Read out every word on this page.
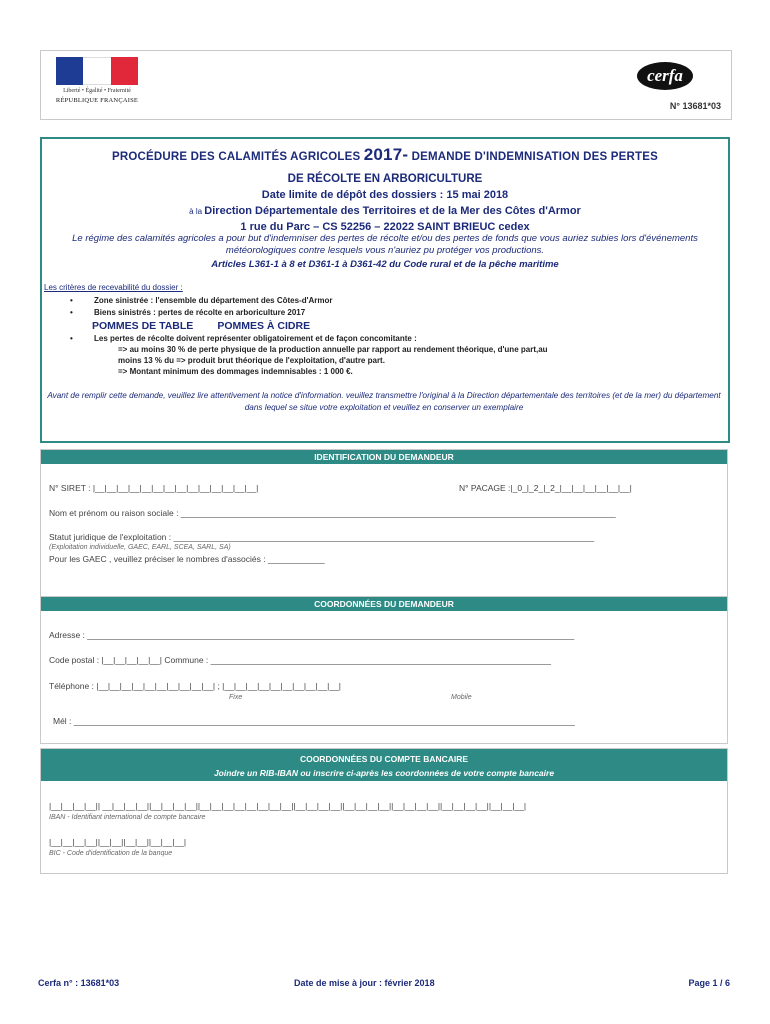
Liberté • Égalité • Fraternité
RÉPUBLIQUE FRANÇAISE
cerfa
N° 13681*03
PROCÉDURE DES CALAMITÉS AGRICOLES 2017- DEMANDE D'INDEMNISATION DES PERTES
DE RÉCOLTE EN ARBORICULTURE
Date limite de dépôt des dossiers : 15 mai 2018
à la Direction Départementale des Territoires et de la Mer des Côtes d'Armor
1 rue du Parc – CS 52256 – 22022 SAINT BRIEUC cedex
Le régime des calamités agricoles a pour but d'indemniser des pertes de récolte et/ou des pertes de fonds que vous auriez subies lors d'événements météorologiques contre lesquels vous n'auriez pu protéger vos productions.
Articles L361-1 à 8 et D361-1 à D361-42 du Code rural et de la pêche maritime
Les critères de recevabilité du dossier :
•	Zone sinistrée : l'ensemble du département des Côtes-d'Armor
•	Biens sinistrés : pertes de récolte en arboriculture 2017
POMMES DE TABLE POMMES À CIDRE
•	Les pertes de récolte doivent représenter obligatoirement et de façon concomitante :
=> au moins 30 % de perte physique de la production annuelle par rapport au rendement théorique, d'une part,au
moins 13 % du => produit brut théorique de l'exploitation, d'autre part.
=> Montant minimum des dommages indemnisables : 1 000 €.
Avant de remplir cette demande, veuillez lire attentivement la notice d'information. veuillez transmettre l'original à la Direction départementale des territoires (et de la mer) du département dans lequel se situe votre exploitation et veuillez en conserver un exemplaire
IDENTIFICATION DU DEMANDEUR
N° SIRET : |__|__|__|__|__|__|__|__|__|__|__|__|__|__|	N° PACAGE :|_0_|_2_|_2_|__|__|__|__|__|__|
Nom et prénom ou raison sociale : ____________________________________________________________________________________________
Statut juridique de l'exploitation : _________________________________________________________________________________________
(Exploitation individuelle, GAEC, EARL, SCEA, SARL, SA)
Pour les GAEC , veuillez préciser le nombres d'associés : ____________
COORDONNÉES DU DEMANDEUR
Adresse : _______________________________________________________________________________________________________
Code postal : |__|__|__|__|__| Commune : ________________________________________________________________________
Téléphone : |__|__|__|__|__|__|__|__|__|__| ; |__|__|__|__|__|__|__|__|__|__|
Fixe	Mobile
Mél : __________________________________________________________________________________________________________
COORDONNÉES DU COMPTE BANCAIRE
Joindre un RIB-IBAN ou inscrire ci-après les coordonnées de votre compte bancaire
|__|__|__|__|| __|__|__|__||__|__|__|__||__|__|__|__|__|__|__|__||__|__|__|__||__|__|__|__||__|__|__|__||__|__|__|__||__|__|__|
IBAN - Identifiant international de compte bancaire
|__|__|__|__||__|__||__|__||__|__|__|
BIC - Code d'identification de la banque
Cerfa n° : 13681*03	Date de mise à jour : février 2018	Page 1 / 6
